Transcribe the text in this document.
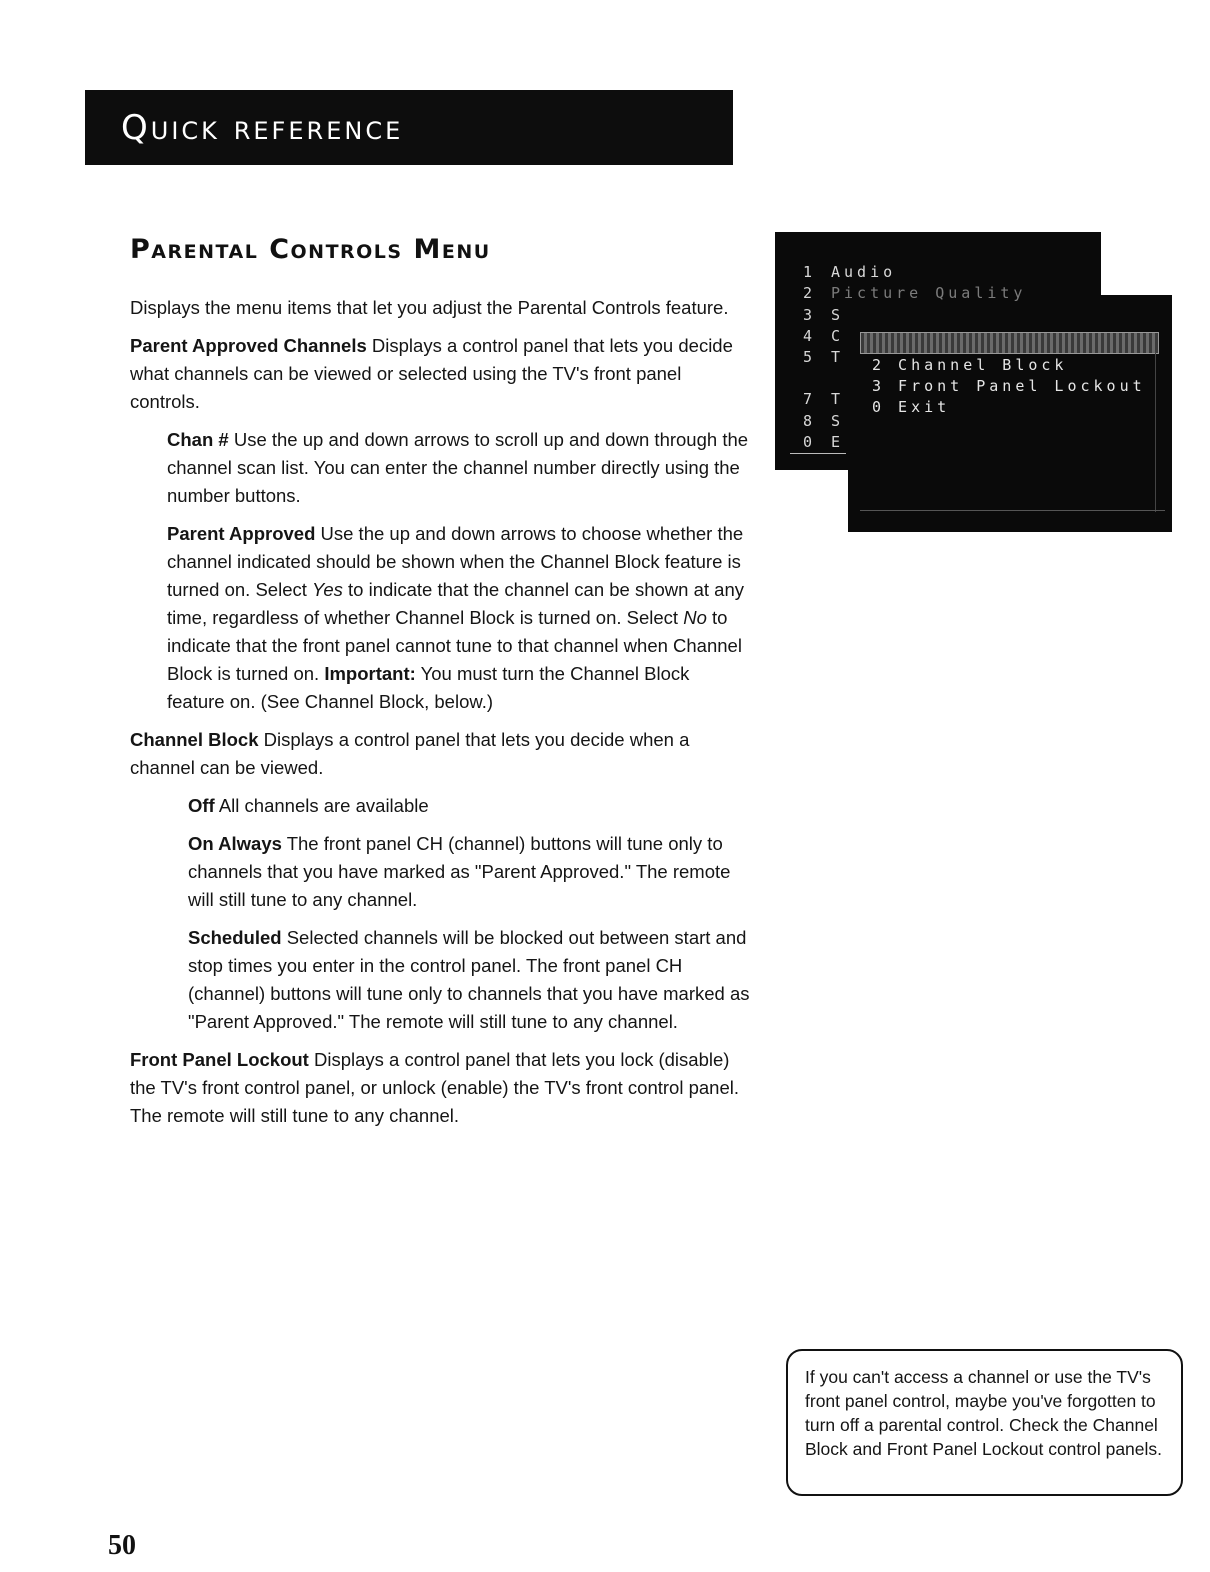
Quick reference
Parental Controls Menu

Displays the menu items that let you adjust the Parental Controls feature.

Parent Approved Channels Displays a control panel that lets you decide what channels can be viewed or selected using the TV's front panel controls.

Chan # Use the up and down arrows to scroll up and down through the channel scan list. You can enter the channel number directly using the number buttons.

Parent Approved Use the up and down arrows to choose whether the channel indicated should be shown when the Channel Block feature is turned on. Select Yes to indicate that the channel can be shown at any time, regardless of whether Channel Block is turned on. Select No to indicate that the front panel cannot tune to that channel when Channel Block is turned on. Important: You must turn the Channel Block feature on. (See Channel Block, below.)

Channel Block Displays a control panel that lets you decide when a channel can be viewed.

Off All channels are available

On Always The front panel CH (channel) buttons will tune only to channels that you have marked as "Parent Approved." The remote will still tune to any channel.

Scheduled Selected channels will be blocked out between start and stop times you enter in the control panel. The front panel CH (channel) buttons will tune only to channels that you have marked as "Parent Approved." The remote will still tune to any channel.

Front Panel Lockout Displays a control panel that lets you lock (disable) the TV's front control panel, or unlock (enable) the TV's front control panel. The remote will still tune to any channel.

1 Audio
2
3 S
4 C
5 T
7 T
8 S
0 E
2 Channel Block
3 Front Panel Lockout
0 Exit
If you can't access a channel or use the TV's front panel control, maybe you've forgotten to turn off a parental control. Check the Channel Block and Front Panel Lockout control panels.
50
